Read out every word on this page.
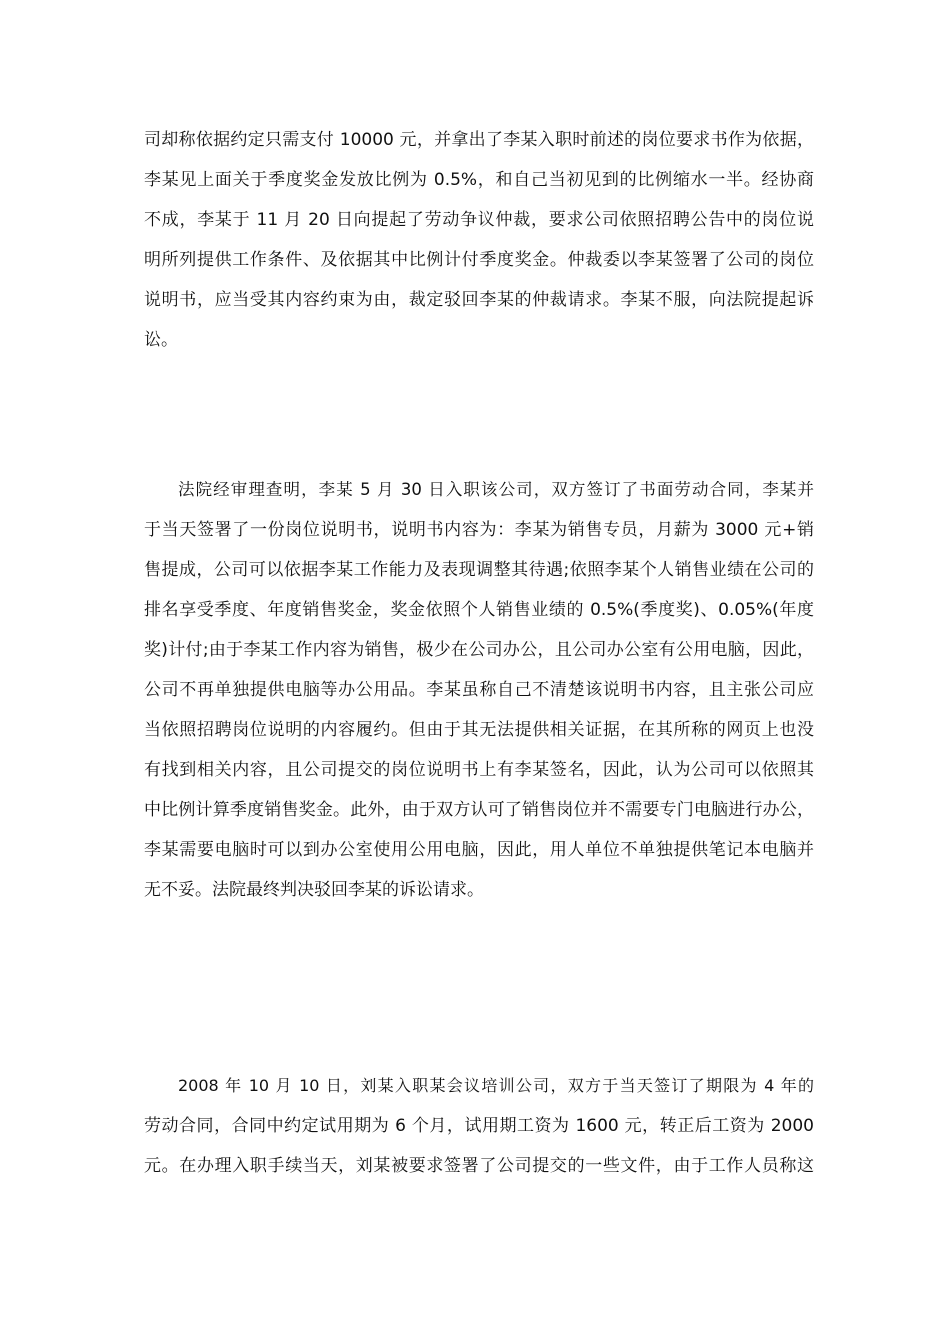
司却称依据约定只需支付 10000 元，并拿出了李某入职时前述的岗位要求书作为依据，
李某见上面关于季度奖金发放比例为 0.5%，和自己当初见到的比例缩水一半。经协商
不成，李某于 11 月 20 日向提起了劳动争议仲裁，要求公司依照招聘公告中的岗位说
明所列提供工作条件、及依据其中比例计付季度奖金。仲裁委以李某签署了公司的岗位
说明书，应当受其内容约束为由，裁定驳回李某的仲裁请求。李某不服，向法院提起诉
讼。
法院经审理查明，李某 5 月 30 日入职该公司，双方签订了书面劳动合同，李某并
于当天签署了一份岗位说明书，说明书内容为：李某为销售专员，月薪为 3000 元+销
售提成，公司可以依据李某工作能力及表现调整其待遇;依照李某个人销售业绩在公司的
排名享受季度、年度销售奖金，奖金依照个人销售业绩的 0.5%(季度奖)、0.05%(年度
奖)计付;由于李某工作内容为销售，极少在公司办公，且公司办公室有公用电脑，因此，
公司不再单独提供电脑等办公用品。李某虽称自己不清楚该说明书内容，且主张公司应
当依照招聘岗位说明的内容履约。但由于其无法提供相关证据，在其所称的网页上也没
有找到相关内容，且公司提交的岗位说明书上有李某签名，因此，认为公司可以依照其
中比例计算季度销售奖金。此外，由于双方认可了销售岗位并不需要专门电脑进行办公，
李某需要电脑时可以到办公室使用公用电脑，因此，用人单位不单独提供笔记本电脑并
无不妥。法院最终判决驳回李某的诉讼请求。
2008 年 10 月 10 日，刘某入职某会议培训公司，双方于当天签订了期限为 4 年的
劳动合同，合同中约定试用期为 6 个月，试用期工资为 1600 元，转正后工资为 2000
元。在办理入职手续当天，刘某被要求签署了公司提交的一些文件，由于工作人员称这
